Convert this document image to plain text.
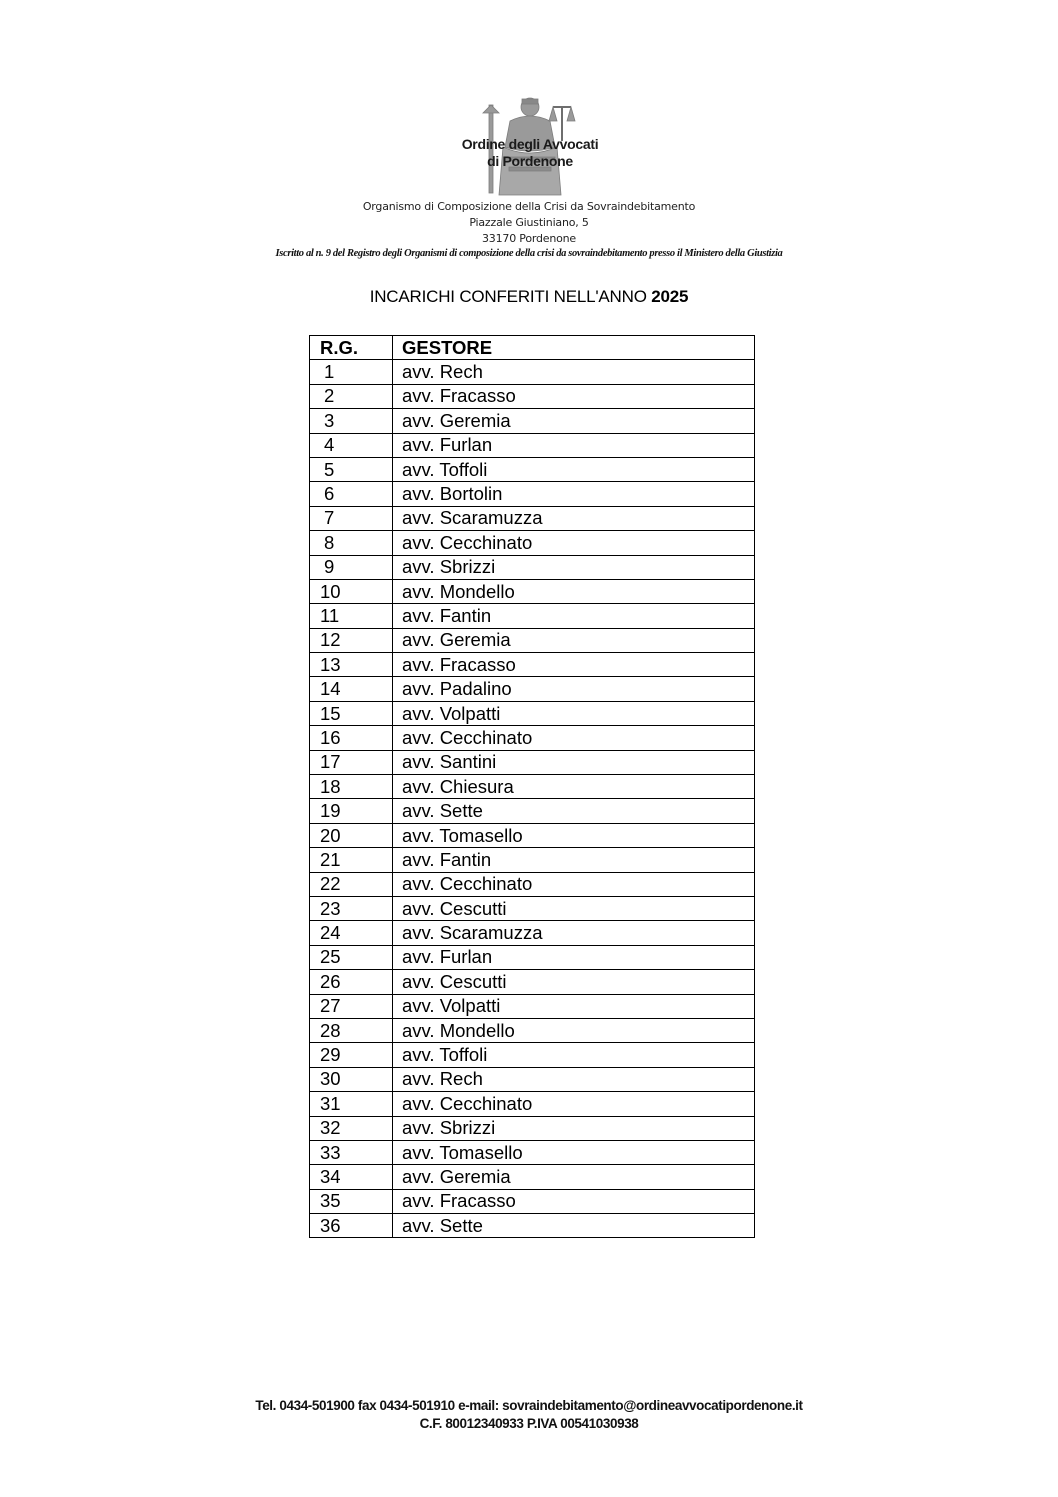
Ordine degli Avvocati
di Pordenone
Organismo di Composizione della Crisi da Sovraindebitamento
Piazzale Giustiniano, 5
33170 Pordenone
Iscritto al n. 9 del Registro degli Organismi di composizione della crisi da sovraindebitamento presso il Ministero della Giustizia
INCARICHI CONFERITI NELL'ANNO 2025
R.G.	GESTORE
1	avv. Rech
2	avv. Fracasso
3	avv. Geremia
4	avv. Furlan
5	avv. Toffoli
6	avv. Bortolin
7	avv. Scaramuzza
8	avv. Cecchinato
9	avv. Sbrizzi
10	avv. Mondello
11	avv. Fantin
12	avv. Geremia
13	avv. Fracasso
14	avv. Padalino
15	avv. Volpatti
16	avv. Cecchinato
17	avv. Santini
18	avv. Chiesura
19	avv. Sette
20	avv. Tomasello
21	avv. Fantin
22	avv. Cecchinato
23	avv. Cescutti
24	avv. Scaramuzza
25	avv. Furlan
26	avv. Cescutti
27	avv. Volpatti
28	avv. Mondello
29	avv. Toffoli
30	avv. Rech
31	avv. Cecchinato
32	avv. Sbrizzi
33	avv. Tomasello
34	avv. Geremia
35	avv. Fracasso
36	avv. Sette
Tel. 0434-501900 fax 0434-501910 e-mail: sovraindebitamento@ordineavvocatipordenone.it
C.F. 80012340933 P.IVA 00541030938
